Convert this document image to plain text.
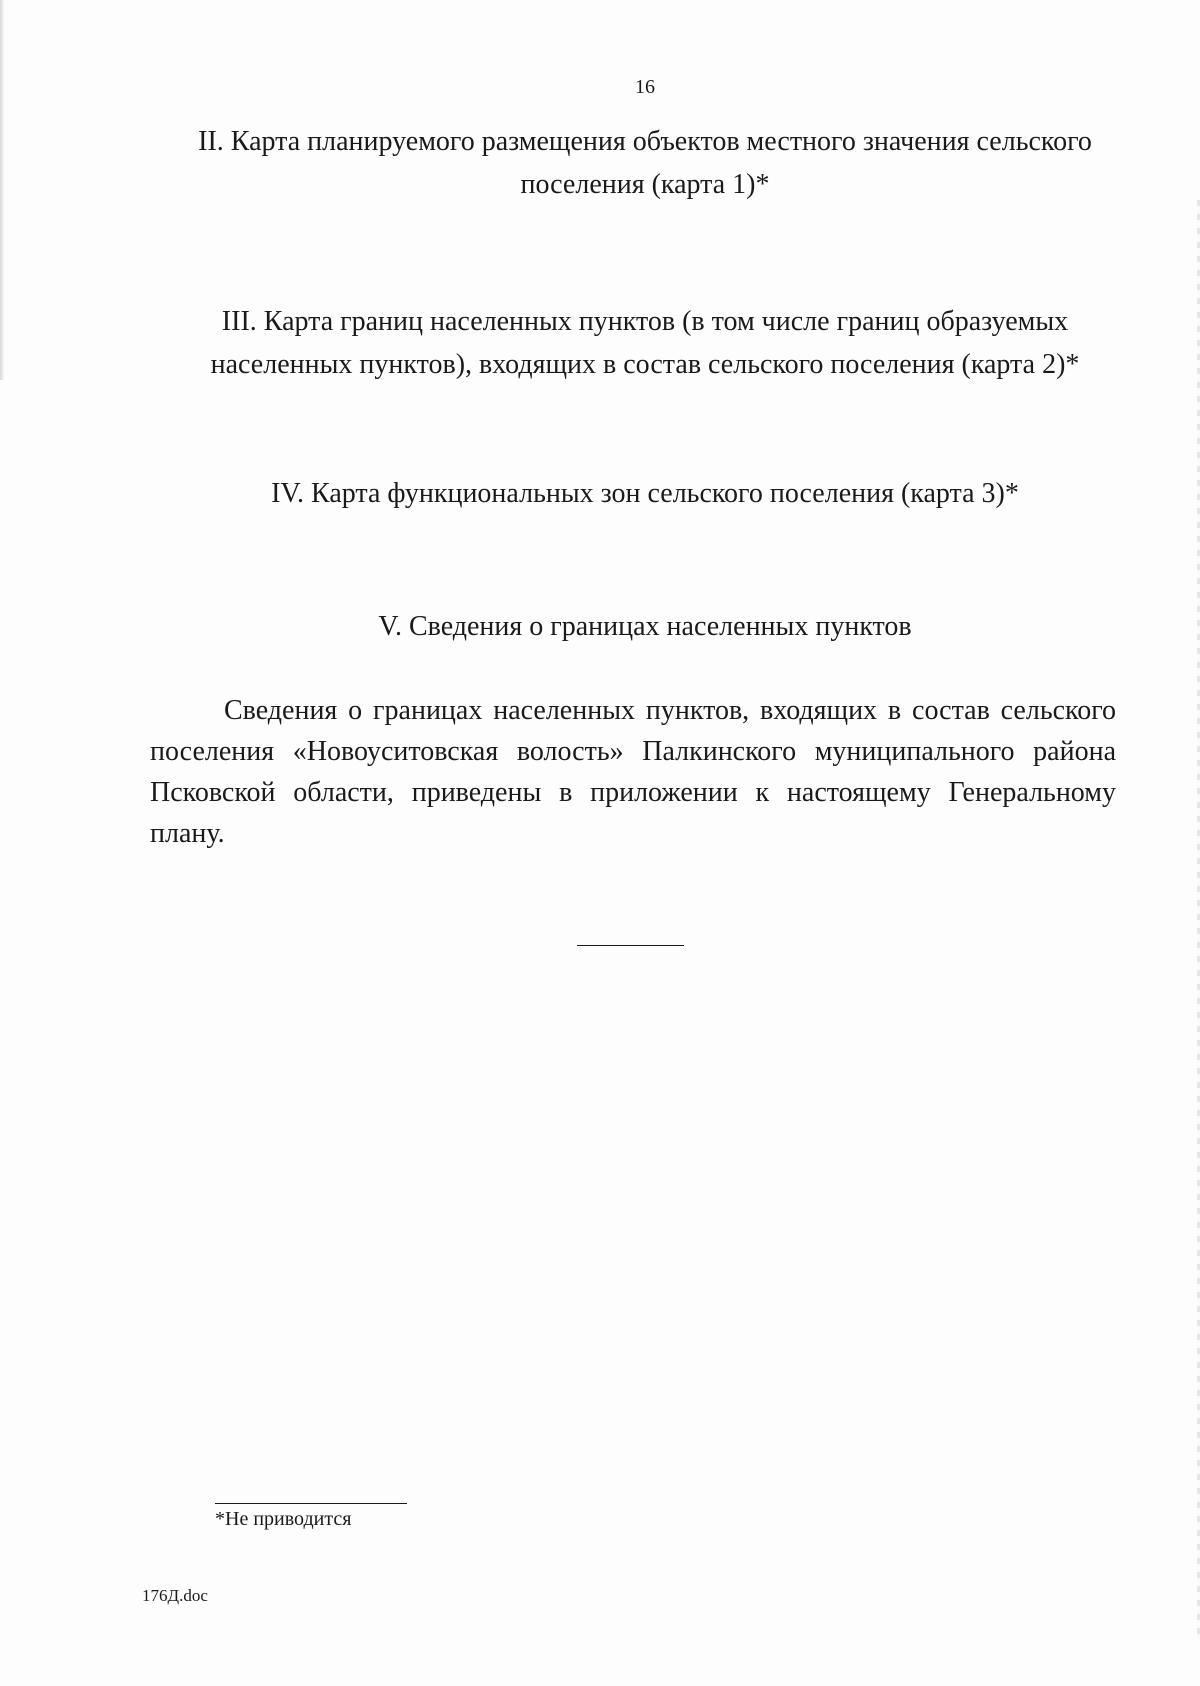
16
II. Карта планируемого размещения объектов местного значения сельского поселения (карта 1)*
III. Карта границ населенных пунктов (в том числе границ образуемых населенных пунктов), входящих в состав сельского поселения (карта 2)*
IV. Карта функциональных зон сельского поселения (карта 3)*
V. Сведения о границах населенных пунктов
Сведения о границах населенных пунктов, входящих в состав сельского поселения «Новоуситовская волость» Палкинского муниципального района Псковской области, приведены в приложении к настоящему Генеральному плану.
*Не приводится
176Д.doc
